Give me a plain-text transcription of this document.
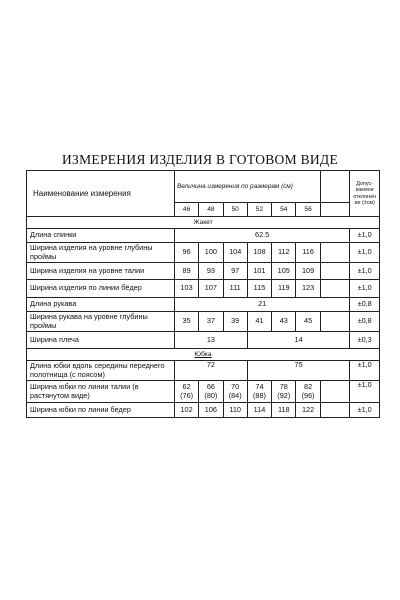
ИЗМЕРЕНИЯ ИЗДЕЛИЯ В ГОТОВОМ ВИДЕ
Наименование измерения	Величина измерения по размерам (см)							Допус-каемое отклонен ие (±см)
	46	48	50	52	54	56		
Жакет								
Длина спинки	62.5							±1,0
Ширина изделия на уровне глубины проймы	96	100	104	108	112	116		±1,0
Ширина изделия на уровне талии	89	93	97	101	105	109		±1,0
Ширина изделия по линии бёдер	103	107	111	115	119	123		±1,0
Длина рукава	21							±0,8
Ширина рукава на уровне глубины проймы	35	37	39	41	43	45		±0,8
Ширина плеча	13			14				±0,3
Юбка								
Длина юбки вдоль середины переднего полотнища (с поясом)	72			75				±1,0
Ширина юбки по линии талии (в растянутом виде)	62 (76)	66 (80)	70 (84)	74 (88)	78 (92)	82 (96)		±1,0
Ширина юбки по линии бедер	102	106	110	114	118	122		±1,0
